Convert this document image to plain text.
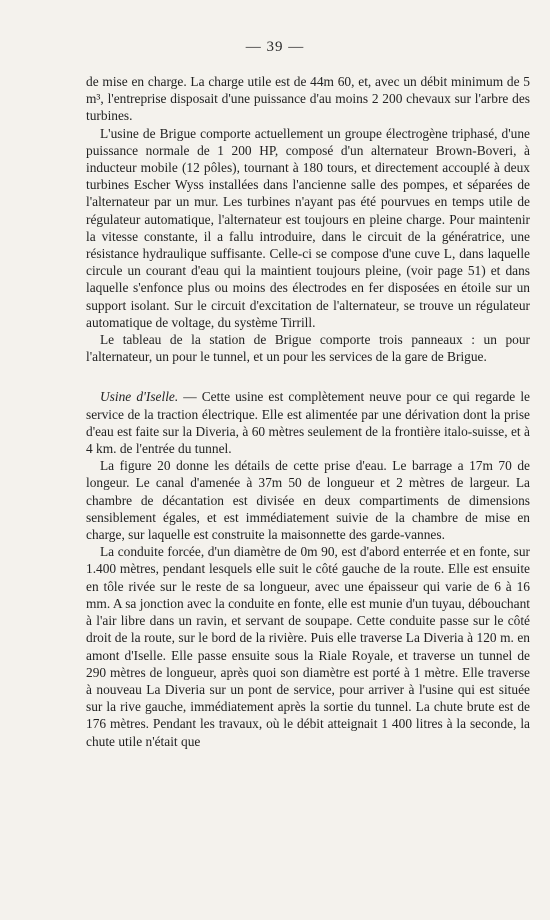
— 39 —

de mise en charge. La charge utile est de 44m 60, et, avec un débit minimum de 5 m³, l'entreprise disposait d'une puissance d'au moins 2 200 chevaux sur l'arbre des turbines.

L'usine de Brigue comporte actuellement un groupe électrogène triphasé, d'une puissance normale de 1 200 HP, composé d'un alternateur Brown-Boveri, à inducteur mobile (12 pôles), tournant à 180 tours, et directement accouplé à deux turbines Escher Wyss installées dans l'ancienne salle des pompes, et séparées de l'alternateur par un mur. Les turbines n'ayant pas été pourvues en temps utile de régulateur automatique, l'alternateur est toujours en pleine charge. Pour maintenir la vitesse constante, il a fallu introduire, dans le circuit de la génératrice, une résistance hydraulique suffisante. Celle-ci se compose d'une cuve L, dans laquelle circule un courant d'eau qui la maintient toujours pleine, (voir page 51) et dans laquelle s'enfonce plus ou moins des électrodes en fer disposées en étoile sur un support isolant. Sur le circuit d'excitation de l'alternateur, se trouve un régulateur automatique de voltage, du système Tirrill.

Le tableau de la station de Brigue comporte trois panneaux : un pour l'alternateur, un pour le tunnel, et un pour les services de la gare de Brigue.

Usine d'Iselle. — Cette usine est complètement neuve pour ce qui regarde le service de la traction électrique. Elle est alimentée par une dérivation dont la prise d'eau est faite sur la Diveria, à 60 mètres seulement de la frontière italo-suisse, et à 4 km. de l'entrée du tunnel.

La figure 20 donne les détails de cette prise d'eau. Le barrage a 17m 70 de longeur. Le canal d'amenée à 37m 50 de longueur et 2 mètres de largeur. La chambre de décantation est divisée en deux compartiments de dimensions sensiblement égales, et est immédiatement suivie de la chambre de mise en charge, sur laquelle est construite la maisonnette des garde-vannes.

La conduite forcée, d'un diamètre de 0m 90, est d'abord enterrée et en fonte, sur 1.400 mètres, pendant lesquels elle suit le côté gauche de la route. Elle est ensuite en tôle rivée sur le reste de sa longueur, avec une épaisseur qui varie de 6 à 16 mm. A sa jonction avec la conduite en fonte, elle est munie d'un tuyau, débouchant à l'air libre dans un ravin, et servant de soupape. Cette conduite passe sur le côté droit de la route, sur le bord de la rivière. Puis elle traverse La Diveria à 120 m. en amont d'Iselle. Elle passe ensuite sous la Riale Royale, et traverse un tunnel de 290 mètres de longueur, après quoi son diamètre est porté à 1 mètre. Elle traverse à nouveau La Diveria sur un pont de service, pour arriver à l'usine qui est située sur la rive gauche, immédiatement après la sortie du tunnel. La chute brute est de 176 mètres. Pendant les travaux, où le débit atteignait 1 400 litres à la seconde, la chute utile n'était que
